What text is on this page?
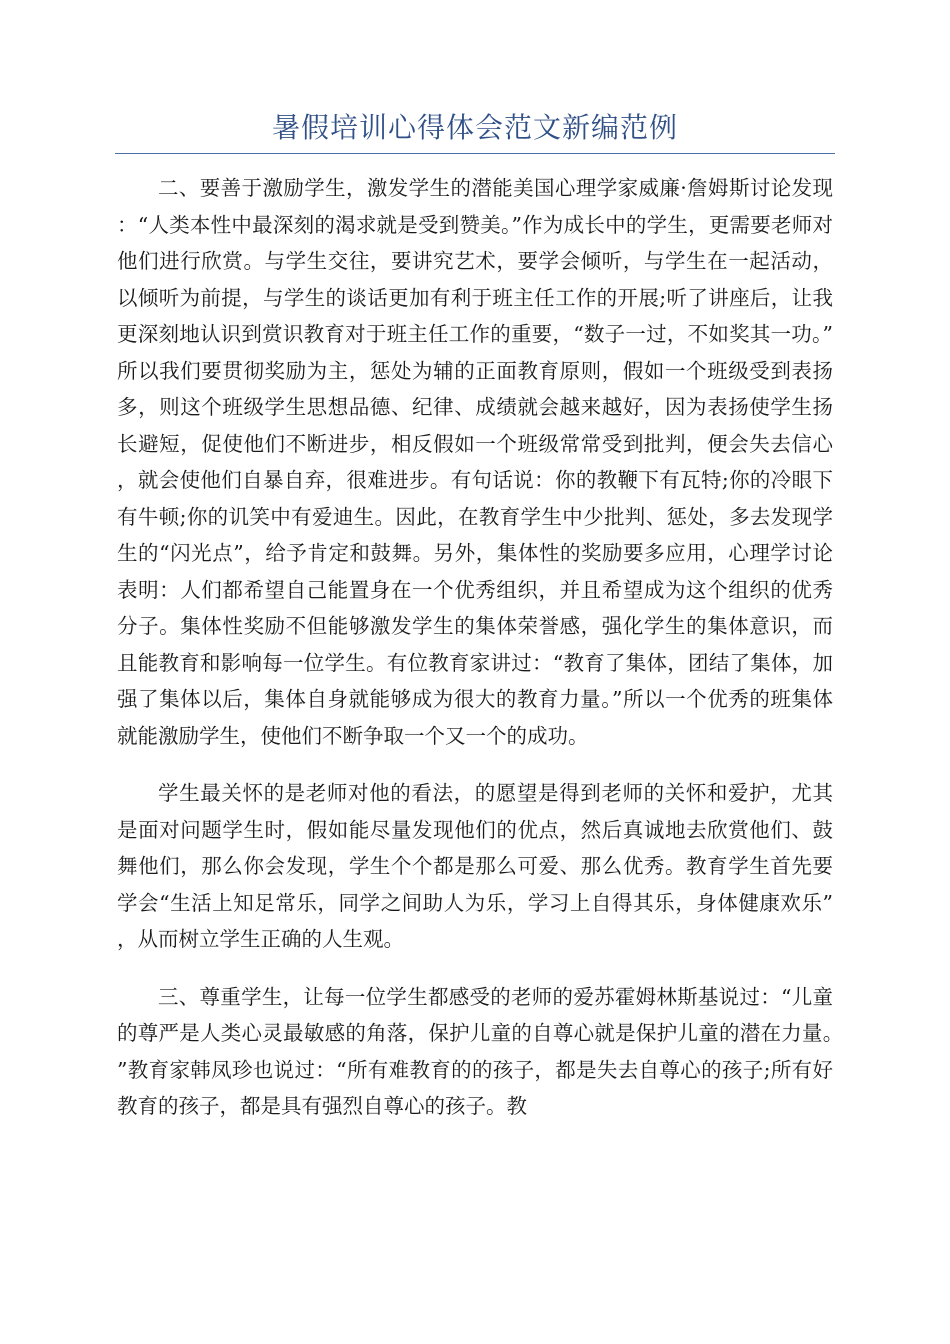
暑假培训心得体会范文新编范例

二、要善于激励学生，激发学生的潜能美国心理学家威廉·詹姆斯讨论发现：“人类本性中最深刻的渴求就是受到赞美。”作为成长中的学生，更需要老师对他们进行欣赏。与学生交往，要讲究艺术，要学会倾听，与学生在一起活动，以倾听为前提，与学生的谈话更加有利于班主任工作的开展;听了讲座后，让我更深刻地认识到赏识教育对于班主任工作的重要，“数子一过，不如奖其一功。”所以我们要贯彻奖励为主，惩处为辅的正面教育原则，假如一个班级受到表扬多，则这个班级学生思想品德、纪律、成绩就会越来越好，因为表扬使学生扬长避短，促使他们不断进步，相反假如一个班级常常受到批判，便会失去信心，就会使他们自暴自弃，很难进步。有句话说：你的教鞭下有瓦特;你的冷眼下有牛顿;你的讥笑中有爱迪生。因此，在教育学生中少批判、惩处，多去发现学生的“闪光点”，给予肯定和鼓舞。另外，集体性的奖励要多应用，心理学讨论表明：人们都希望自己能置身在一个优秀组织，并且希望成为这个组织的优秀分子。集体性奖励不但能够激发学生的集体荣誉感，强化学生的集体意识，而且能教育和影响每一位学生。有位教育家讲过：“教育了集体，团结了集体，加强了集体以后，集体自身就能够成为很大的教育力量。”所以一个优秀的班集体就能激励学生，使他们不断争取一个又一个的成功。

学生最关怀的是老师对他的看法，的愿望是得到老师的关怀和爱护，尤其是面对问题学生时，假如能尽量发现他们的优点，然后真诚地去欣赏他们、鼓舞他们，那么你会发现，学生个个都是那么可爱、那么优秀。教育学生首先要学会“生活上知足常乐，同学之间助人为乐，学习上自得其乐，身体健康欢乐”，从而树立学生正确的人生观。

三、尊重学生，让每一位学生都感受的老师的爱苏霍姆林斯基说过：“儿童的尊严是人类心灵最敏感的角落，保护儿童的自尊心就是保护儿童的潜在力量。”教育家韩凤珍也说过：“所有难教育的的孩子，都是失去自尊心的孩子;所有好教育的孩子，都是具有强烈自尊心的孩子。教
